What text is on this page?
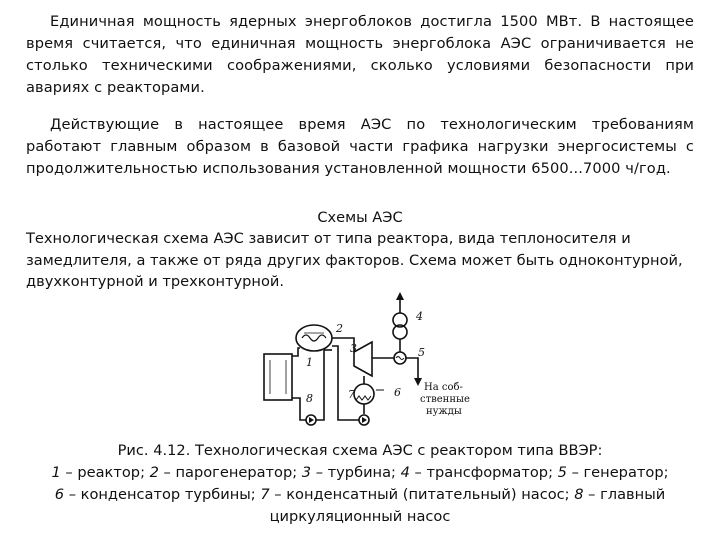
Единичная мощность ядерных энергоблоков достигла 1500 МВт. В настоящее время считается, что единичная мощность энергоблока АЭС ограничивается не столько техническими соображениями, сколько условиями безопасности при авариях с реакторами.

Действующие в настоящее время АЭС по технологическим требованиям работают главным образом в базовой части графика нагрузки энергосистемы с продолжительностью использования установленной мощности 6500...7000 ч/год.

Схемы АЭС

Технологическая схема АЭС зависит от типа реактора, вида теплоносителя и замедлителя, а также от ряда других факторов. Схема может быть одноконтурной, двухконтурной и трехконтурной.

2
1
3
4
5
6
7
8
На соб-
ственные
нужды
Рис. 4.12. Технологическая схема АЭС с реактором типа ВВЭР:
1 – реактор; 2 – парогенератор; 3 – турбина; 4 – трансформатор; 5 – генератор;
6 – конденсатор турбины; 7 – конденсатный (питательный) насос; 8 – главный циркуляционный насос
